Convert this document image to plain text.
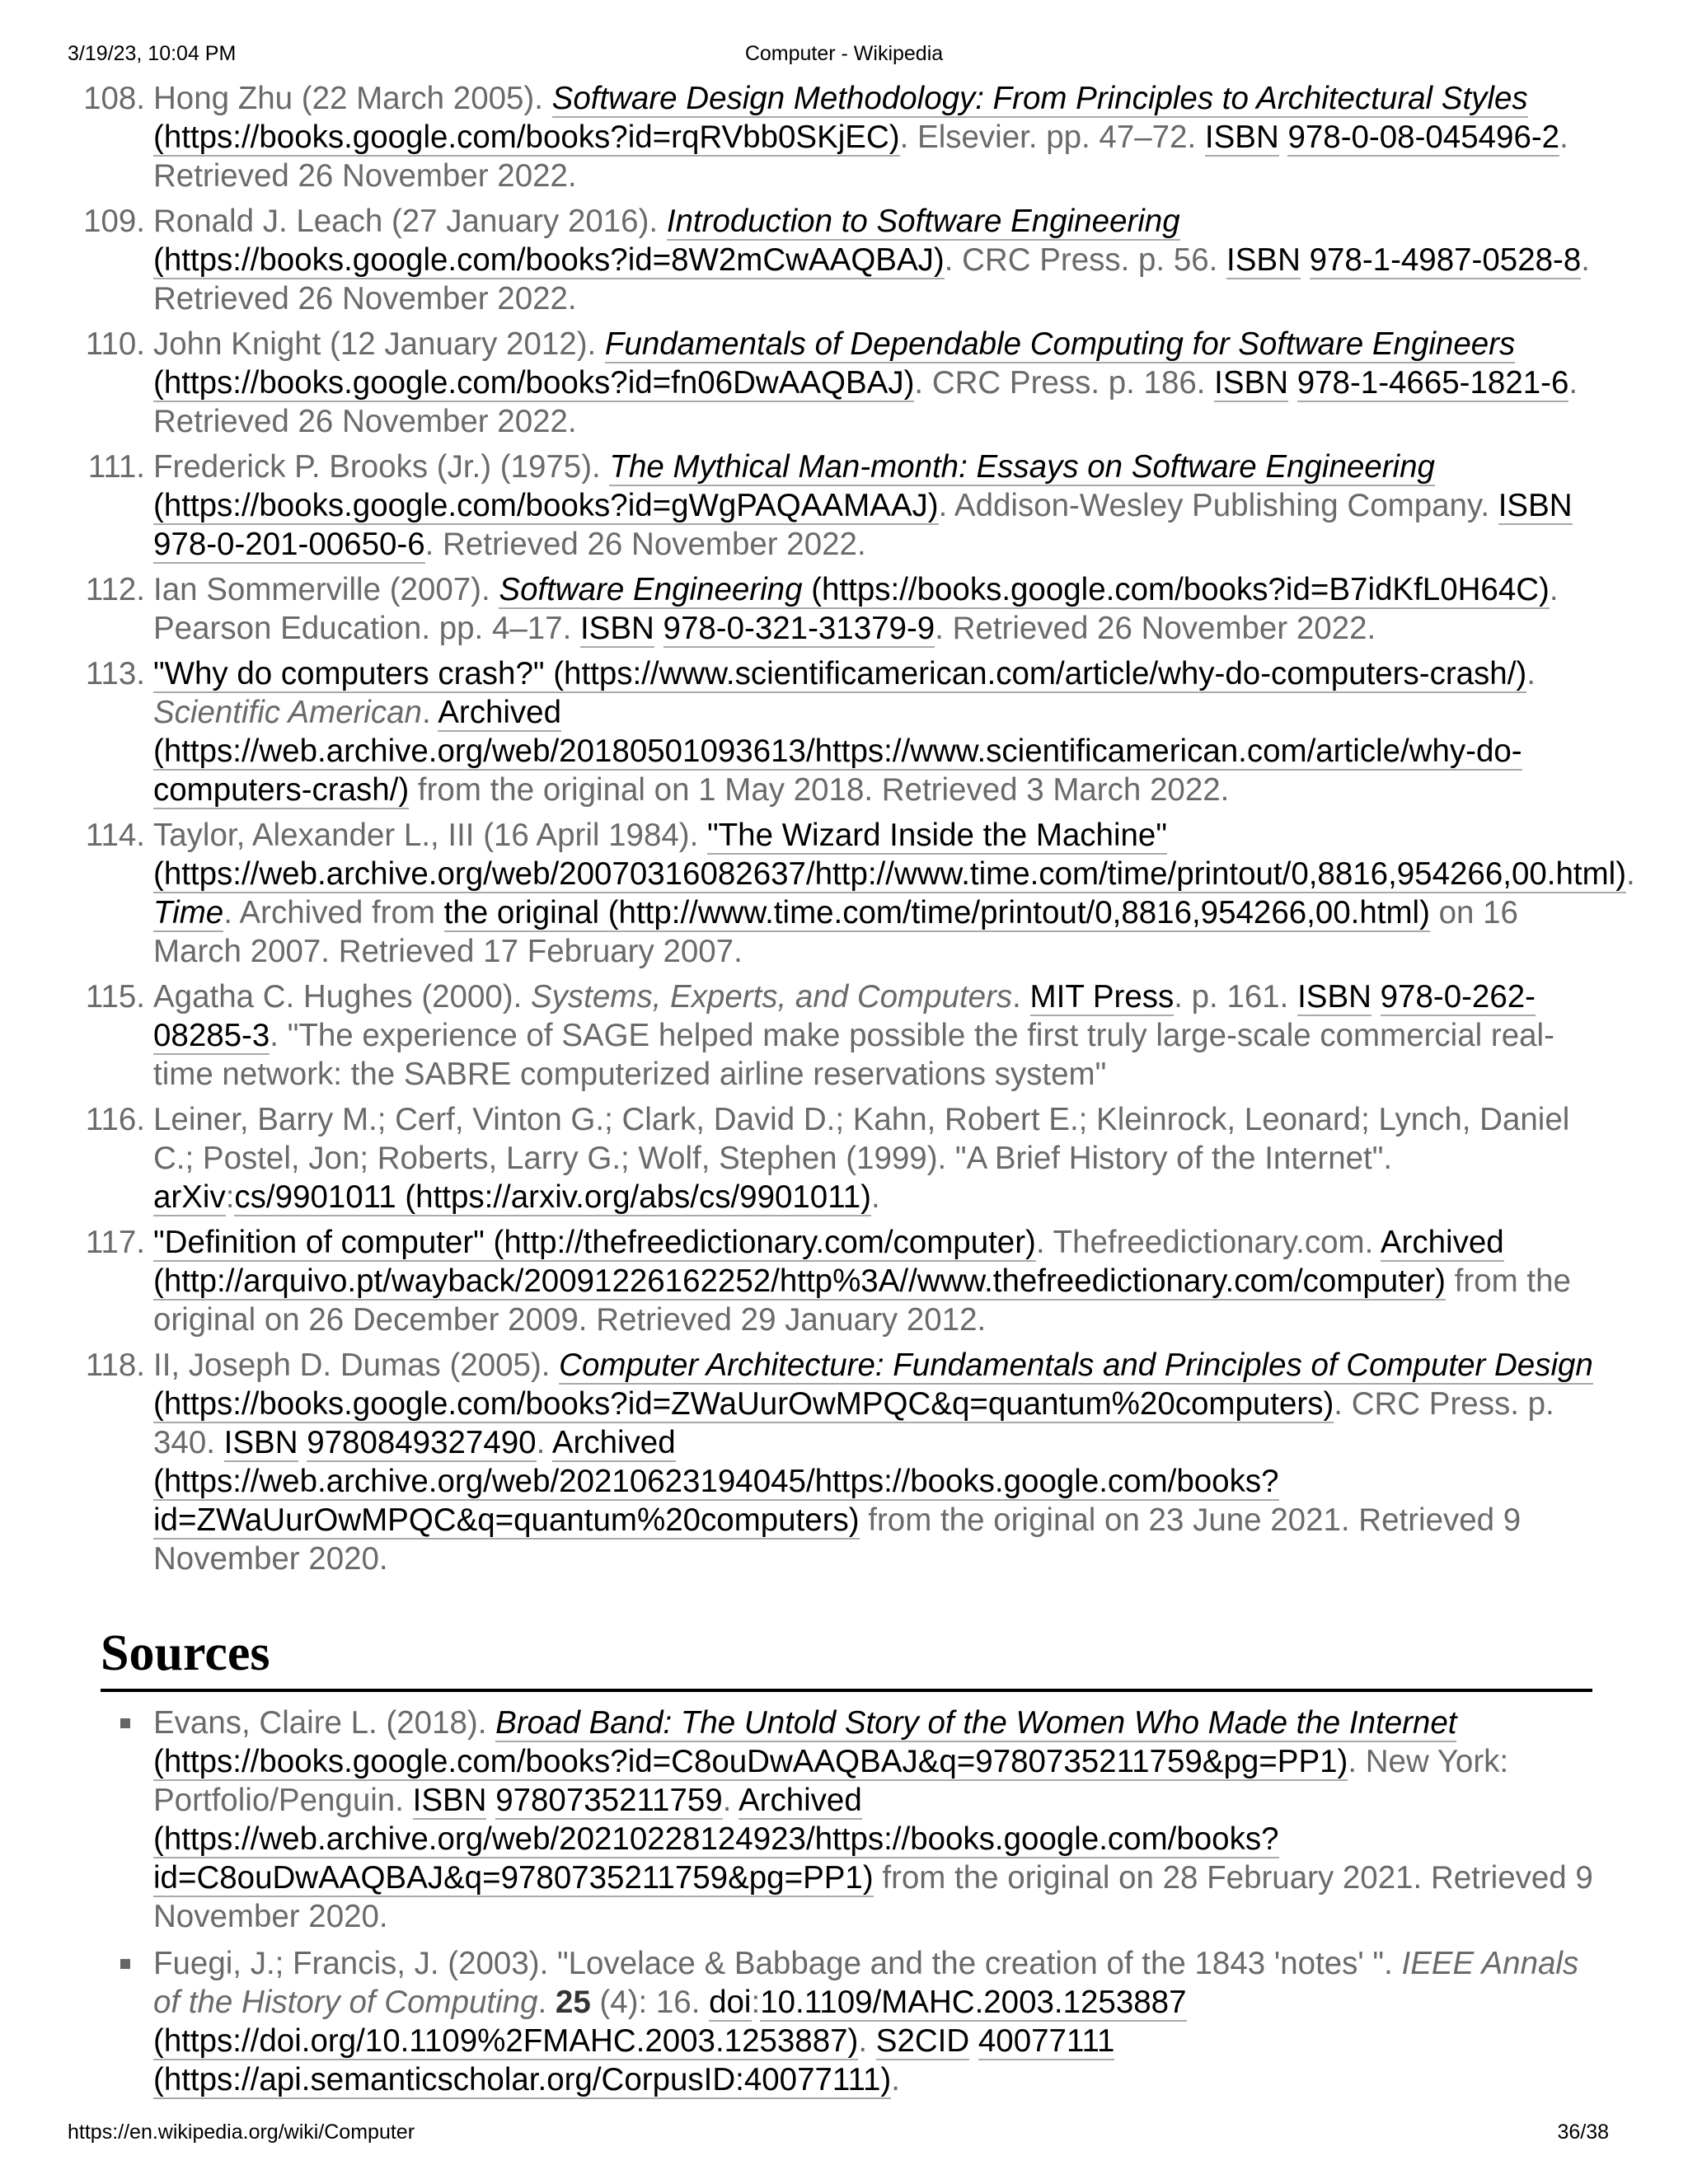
3/19/23, 10:04 PM	Computer - Wikipedia
108. Hong Zhu (22 March 2005). Software Design Methodology: From Principles to Architectural Styles (https://books.google.com/books?id=rqRVbb0SKjEC). Elsevier. pp. 47–72. ISBN 978-0-08-045496-2. Retrieved 26 November 2022.
109. Ronald J. Leach (27 January 2016). Introduction to Software Engineering (https://books.google.com/books?id=8W2mCwAAQBAJ). CRC Press. p. 56. ISBN 978-1-4987-0528-8. Retrieved 26 November 2022.
110. John Knight (12 January 2012). Fundamentals of Dependable Computing for Software Engineers (https://books.google.com/books?id=fn06DwAAQBAJ). CRC Press. p. 186. ISBN 978-1-4665-1821-6. Retrieved 26 November 2022.
111. Frederick P. Brooks (Jr.) (1975). The Mythical Man-month: Essays on Software Engineering (https://books.google.com/books?id=gWgPAQAAMAAJ). Addison-Wesley Publishing Company. ISBN 978-0-201-00650-6. Retrieved 26 November 2022.
112. Ian Sommerville (2007). Software Engineering (https://books.google.com/books?id=B7idKfL0H64C). Pearson Education. pp. 4–17. ISBN 978-0-321-31379-9. Retrieved 26 November 2022.
113. "Why do computers crash?" (https://www.scientificamerican.com/article/why-do-computers-crash/). Scientific American. Archived (https://web.archive.org/web/20180501093613/https://www.scientificamerican.com/article/why-do-computers-crash/) from the original on 1 May 2018. Retrieved 3 March 2022.
114. Taylor, Alexander L., III (16 April 1984). "The Wizard Inside the Machine" (https://web.archive.org/web/20070316082637/http://www.time.com/time/printout/0,8816,954266,00.html). Time. Archived from the original (http://www.time.com/time/printout/0,8816,954266,00.html) on 16 March 2007. Retrieved 17 February 2007.
115. Agatha C. Hughes (2000). Systems, Experts, and Computers. MIT Press. p. 161. ISBN 978-0-262-08285-3. "The experience of SAGE helped make possible the first truly large-scale commercial real-time network: the SABRE computerized airline reservations system"
116. Leiner, Barry M.; Cerf, Vinton G.; Clark, David D.; Kahn, Robert E.; Kleinrock, Leonard; Lynch, Daniel C.; Postel, Jon; Roberts, Larry G.; Wolf, Stephen (1999). "A Brief History of the Internet". arXiv:cs/9901011 (https://arxiv.org/abs/cs/9901011).
117. "Definition of computer" (http://thefreedictionary.com/computer). Thefreedictionary.com. Archived (http://arquivo.pt/wayback/20091226162252/http%3A//www.thefreedictionary.com/computer) from the original on 26 December 2009. Retrieved 29 January 2012.
118. II, Joseph D. Dumas (2005). Computer Architecture: Fundamentals and Principles of Computer Design (https://books.google.com/books?id=ZWaUurOwMPQC&q=quantum%20computers). CRC Press. p. 340. ISBN 9780849327490. Archived (https://web.archive.org/web/20210623194045/https://books.google.com/books?id=ZWaUurOwMPQC&q=quantum%20computers) from the original on 23 June 2021. Retrieved 9 November 2020.
Sources
Evans, Claire L. (2018). Broad Band: The Untold Story of the Women Who Made the Internet (https://books.google.com/books?id=C8ouDwAAQBAJ&q=9780735211759&pg=PP1). New York: Portfolio/Penguin. ISBN 9780735211759. Archived (https://web.archive.org/web/20210228124923/https://books.google.com/books?id=C8ouDwAAQBAJ&q=9780735211759&pg=PP1) from the original on 28 February 2021. Retrieved 9 November 2020.
Fuegi, J.; Francis, J. (2003). "Lovelace & Babbage and the creation of the 1843 'notes' ". IEEE Annals of the History of Computing. 25 (4): 16. doi:10.1109/MAHC.2003.1253887 (https://doi.org/10.1109%2FMAHC.2003.1253887). S2CID 40077111 (https://api.semanticscholar.org/CorpusID:40077111).
https://en.wikipedia.org/wiki/Computer	36/38
